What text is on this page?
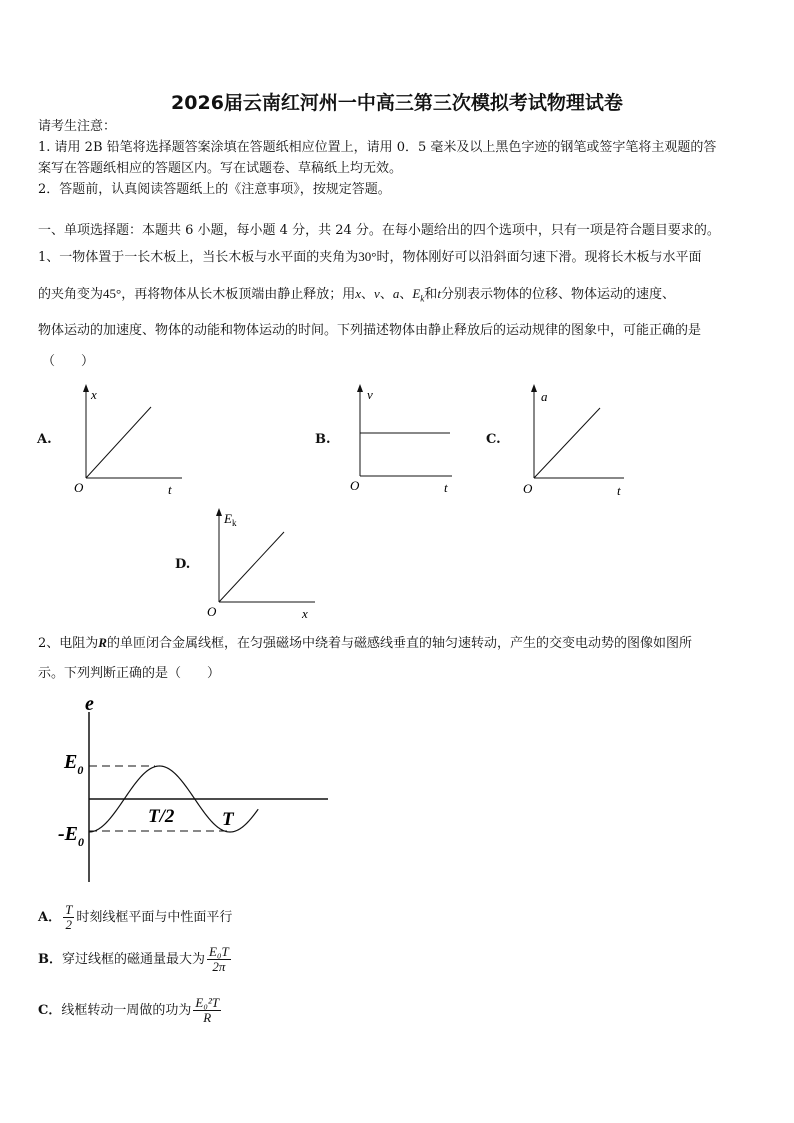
2026届云南红河州一中高三第三次模拟考试物理试卷
请考生注意：
1. 请用 2B 铅笔将选择题答案涂填在答题纸相应位置上，请用 0．5 毫米及以上黑色字迹的钢笔或签字笔将主观题的答
案写在答题纸相应的答题区内。写在试题卷、草稿纸上均无效。
2．答题前，认真阅读答题纸上的《注意事项》，按规定答题。
一、单项选择题：本题共 6 小题，每小题 4 分，共 24 分。在每小题给出的四个选项中，只有一项是符合题目要求的。
1、一物体置于一长木板上，当长木板与水平面的夹角为30°时，物体刚好可以沿斜面匀速下滑。现将长木板与水平面
的夹角变为45°，再将物体从长木板顶端由静止释放；用x、v、a、$E_k$和t分别表示物体的位移、物体运动的速度、
物体运动的加速度、物体的动能和物体运动的时间。下列描述物体由静止释放后的运动规律的图象中，可能正确的是
（　　）
A.	B.	C.
D.
x
O	t
v
O	t
a
O	t
$E_k$
O	x
2、电阻为R的单匝闭合金属线框，在匀强磁场中绕着与磁感线垂直的轴匀速转动，产生的交变电动势的图像如图所
示。下列判断正确的是（　　）
e
$E_0$
$-E_0$
T/2	T
A． $\frac{T}{2}$ 时刻线框平面与中性面平行
B．穿过线框的磁通量最大为 $\frac{\text{E₀T}}{2\pi}$
C．线框转动一周做的功为 $\frac{\text{E₀²T}}{R}$
